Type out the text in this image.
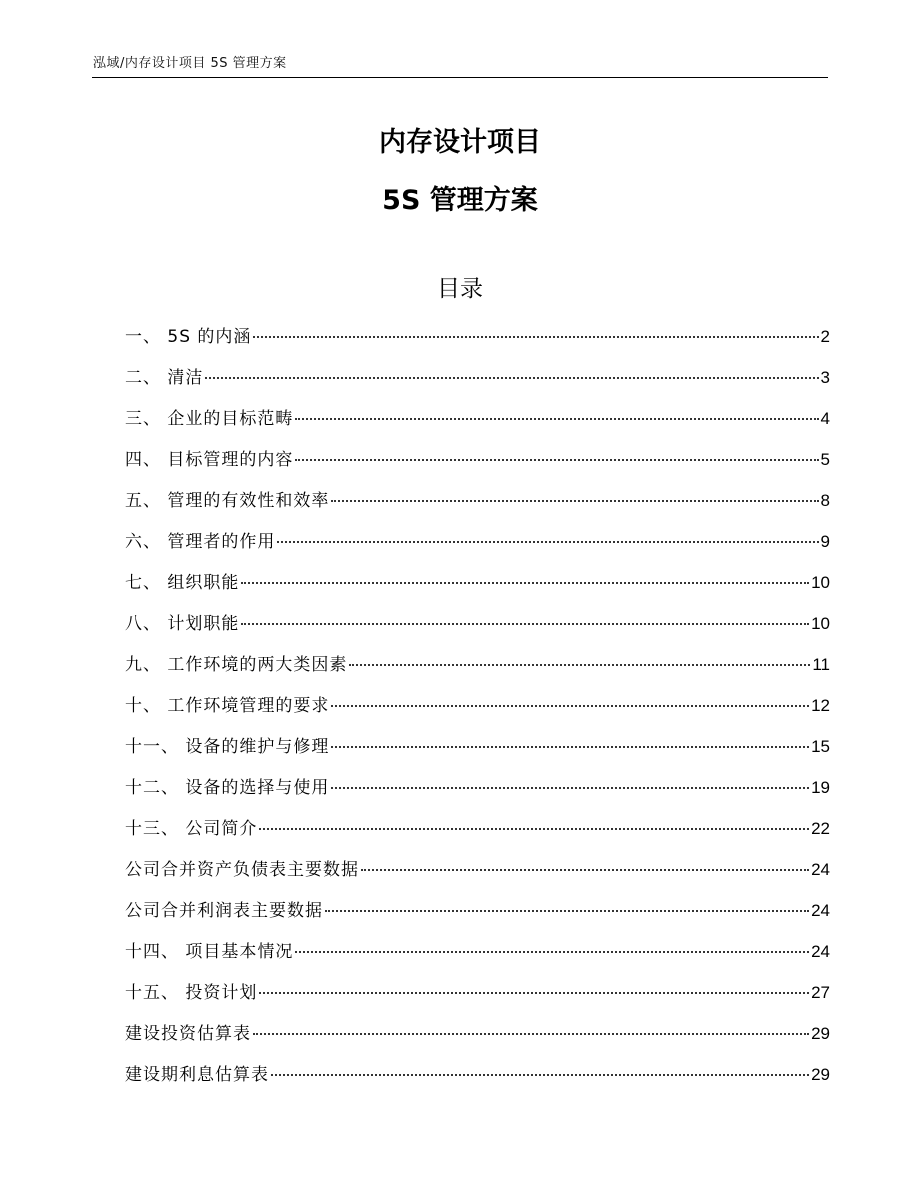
泓域/内存设计项目 5S 管理方案
内存设计项目
5S 管理方案
目录
一、 5S 的内涵	2
二、 清洁	3
三、 企业的目标范畴	4
四、 目标管理的内容	5
五、 管理的有效性和效率	8
六、 管理者的作用	9
七、 组织职能	10
八、 计划职能	10
九、 工作环境的两大类因素	11
十、 工作环境管理的要求	12
十一、 设备的维护与修理	15
十二、 设备的选择与使用	19
十三、 公司简介	22
公司合并资产负债表主要数据	24
公司合并利润表主要数据	24
十四、 项目基本情况	24
十五、 投资计划	27
建设投资估算表	29
建设期利息估算表	29
